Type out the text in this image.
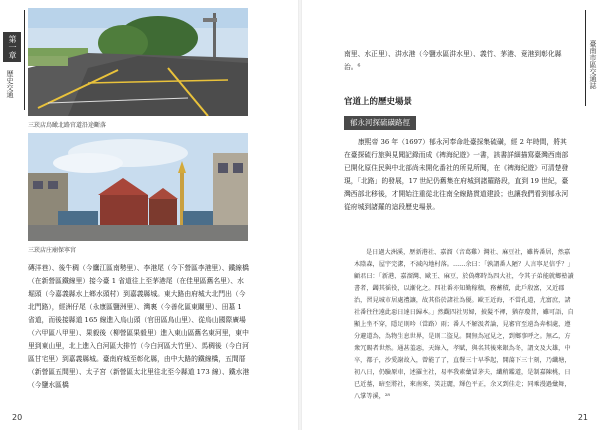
第一章
歷史交通
三崁店鳥瞰北路官道沿途斷落
三崁店庄廟保寧宮

磚洋巷）、後牛稠（今鷹江區南勢里）、李港尾（今下營區李港里）、鐵線橋（在新營區鐵線里）接今臺 1 省道往上至茅港尾（在佳里區舊名里）、水堀頭（今嘉義縣水上鄉水頭村）到嘉義縣城。東大路由府城大北門出（今北門路），經洲仔尾（永康區鹽洲里）、灣裏（今善化區東關里）、田墓 1 省道，而後接縣道 165 線進入烏山頭（官田區烏山里）、從烏山國際廣場（六甲區八甲里）、果毅後（柳營區果毅里）進入東山區舊名東河里，東中里到東山里，北上進入白河區大排竹（今白河區大竹里）、馬稠後（今白河區甘宅里）到嘉義縣城。臺南府城至彰化縣，由中大路的鐵線橋，五間厝（新營區五間里）、太子宮（新營區太北里往北至今縣道 173 線）、鐵水港（今鹽水區橋

20
臺南市區交通誌
南里、水正里）、汫水港（今鹽水區汫水里）、義竹、茅港、竟港到彰化縣治。⁶
官道上的歷史場景
郁永河探硫磺路徑

康熙帝 36 年（1697）郁永河奉命赴臺採集硫磺，經 2 年時間，將其在臺探硫行旅與見聞記錄而成《裨海紀遊》一書，該書詳細描寫臺灣西南部已開化原住民與中北部尚未開化番社的所見所聞，在《裨海紀遊》可清楚發現，「北路」的發展，17 世紀仍舊集在府城到諸羅路段，直到 19 世紀，臺灣西部北移後，才開始注重從北往南全線路貫道建設；也讓我們看到郁永河從府城到諸羅的這段歷史場景。

是日過大洲溪，歷新港社、嘉溜（音葛雞）灣社、麻豆社，雖皆番居，然嘉木陰森，屋宇完潔，不減內地村落。……余曰：「孰謂番人陋？人言寧足信乎？」顧君曰：「新港、嘉溜灣、歐王、麻豆，於偽鄭時為四大社，令其子弟能就鄉塾讀書者，蠲其徭役，以漸化之。四社番亦知勤稼穡，務蓄積，此戶殷富，又近郡治，習見城市居處禮讓，故其俗於諸社為優。歐王近海，不當孔道，尤富庶，諸社番往往遠此惡日達日歸本。」然觀四社男婦，披髮不褌，猶存瓊昔，雖可語，自顯上坐不穿，隱足則吟（當路）雨；番人不解汲者論，見審官至遠為奔相處，遵分避道為，為物生息世界，是則二盜見。開無為冠見之，到鄉事呼之。無乙，方衆冗賜者世然。通甚羞惡，天綠入，孝賦，與名其後來銀為冬，謂文及大雄，中卒，都子，沙愛謝故入，曾能了了，直餐三十早季起，開蕩下三十刻，乃纖塘，初八日，仍驗原車，述羅主社，易率我素彙冒茅夫，纖稍鑑道，是制嘉陳桃，日已近墓，暗至將社，來南來，笑註麗，輝色平正，余又到佳走；同乘漫過彙舞，八掌等溪，²⁸

21
